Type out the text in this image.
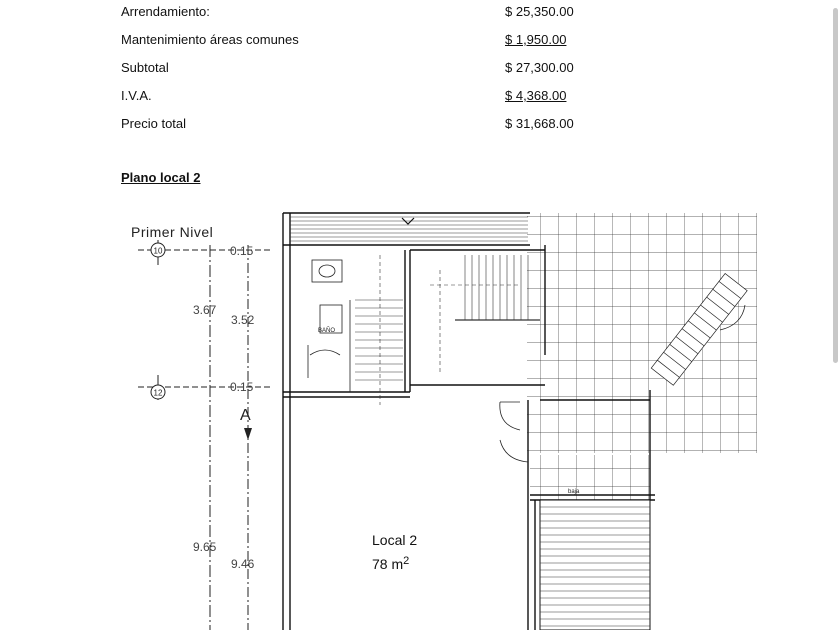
Arrendamiento:	$ 25,350.00
Mantenimiento áreas comunes	$ 1,950.00
Subtotal	$ 27,300.00
I.V.A.	$ 4,368.00
Precio total	$ 31,668.00
Plano local 2
Primer Nivel
10
12
0.15
0.15
3.67
3.52
A
9.65
9.46
BAÑO
baja
Local 2
78 $m^2$
